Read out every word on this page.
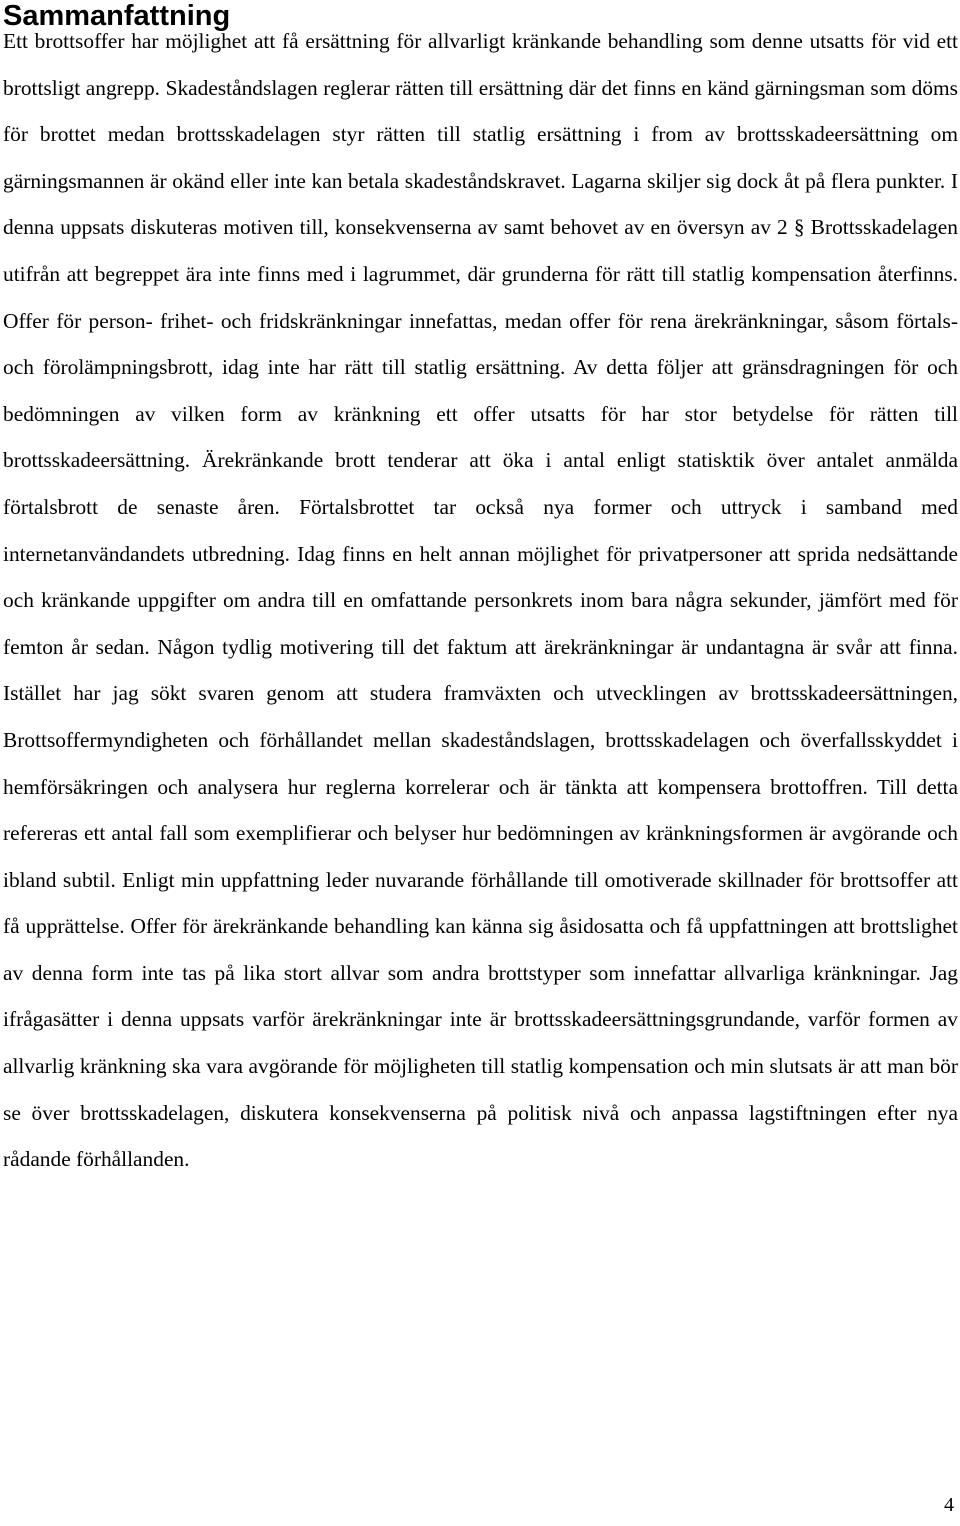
Sammanfattning

Ett brottsoffer har möjlighet att få ersättning för allvarligt kränkande behandling som denne utsatts för vid ett brottsligt angrepp. Skadeståndslagen reglerar rätten till ersättning där det finns en känd gärningsman som döms för brottet medan brottsskadelagen styr rätten till statlig ersättning i from av brottsskadeersättning om gärningsmannen är okänd eller inte kan betala skadeståndskravet. Lagarna skiljer sig dock åt på flera punkter. I denna uppsats diskuteras motiven till, konsekvenserna av samt behovet av en översyn av 2 § Brottsskadelagen utifrån att begreppet ära inte finns med i lagrummet, där grunderna för rätt till statlig kompensation återfinns. Offer för person- frihet- och fridskränkningar innefattas, medan offer för rena ärekränkningar, såsom förtals- och förolämpningsbrott, idag inte har rätt till statlig ersättning. Av detta följer att gränsdragningen för och bedömningen av vilken form av kränkning ett offer utsatts för har stor betydelse för rätten till brottsskadeersättning. Ärekränkande brott tenderar att öka i antal enligt statisktik över antalet anmälda förtalsbrott de senaste åren. Förtalsbrottet tar också nya former och uttryck i samband med internetanvändandets utbredning. Idag finns en helt annan möjlighet för privatpersoner att sprida nedsättande och kränkande uppgifter om andra till en omfattande personkrets inom bara några sekunder, jämfört med för femton år sedan. Någon tydlig motivering till det faktum att ärekränkningar är undantagna är svår att finna. Istället har jag sökt svaren genom att studera framväxten och utvecklingen av brottsskadeersättningen, Brottsoffermyndigheten och förhållandet mellan skadeståndslagen, brottsskadelagen och överfallsskyddet i hemförsäkringen och analysera hur reglerna korrelerar och är tänkta att kompensera brottoffren. Till detta refereras ett antal fall som exemplifierar och belyser hur bedömningen av kränkningsformen är avgörande och ibland subtil. Enligt min uppfattning leder nuvarande förhållande till omotiverade skillnader för brottsoffer att få upprättelse. Offer för ärekränkande behandling kan känna sig åsidosatta och få uppfattningen att brottslighet av denna form inte tas på lika stort allvar som andra brottstyper som innefattar allvarliga kränkningar. Jag ifrågasätter i denna uppsats varför ärekränkningar inte är brottsskadeersättningsgrundande, varför formen av allvarlig kränkning ska vara avgörande för möjligheten till statlig kompensation och min slutsats är att man bör se över brottsskadelagen, diskutera konsekvenserna på politisk nivå och anpassa lagstiftningen efter nya rådande förhållanden.

4
